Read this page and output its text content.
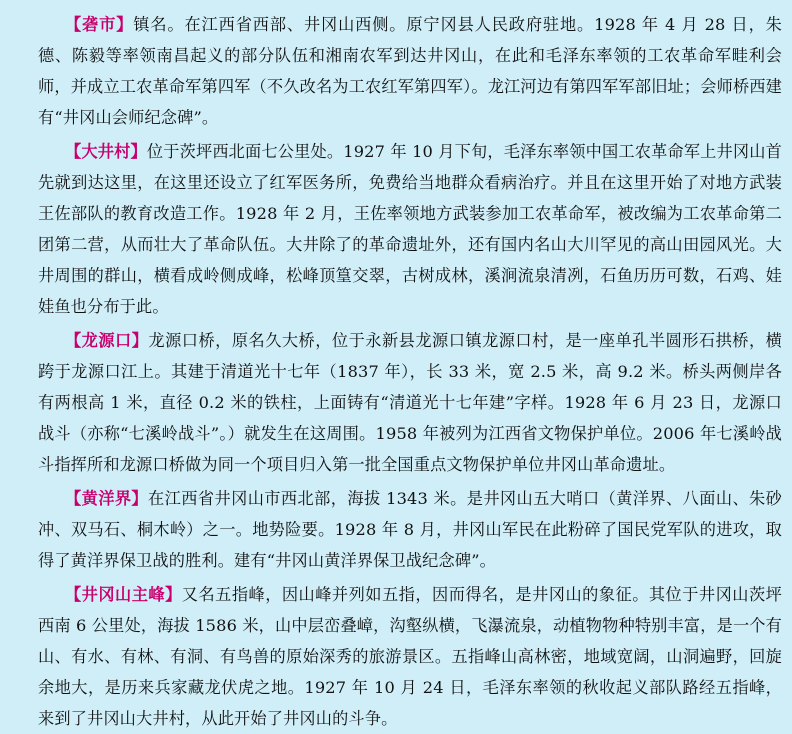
【砻市】镇名。在江西省西部、井冈山西侧。原宁冈县人民政府驻地。1928 年 4 月 28 日，朱德、陈毅等率领南昌起义的部分队伍和湘南农军到达井冈山，在此和毛泽东率领的工农革命军畦利会师，并成立工农革命军第四军（不久改名为工农红军第四军）。龙江河边有第四军军部旧址；会师桥西建有“井冈山会师纪念碑”。

【大井村】位于茨坪西北面七公里处。1927 年 10 月下旬，毛泽东率领中国工农革命军上井冈山首先就到达这里，在这里还设立了红军医务所，免费给当地群众看病治疗。并且在这里开始了对地方武装王佐部队的教育改造工作。1928 年 2 月，王佐率领地方武装参加工农革命军，被改编为工农革命第二团第二营，从而壮大了革命队伍。大井除了的革命遗址外，还有国内名山大川罕见的高山田园风光。大井周围的群山，横看成岭侧成峰，松峰顶篁交翠，古树成林，溪涧流泉清冽，石鱼历历可数，石鸡、娃娃鱼也分布于此。

【龙源口】龙源口桥，原名久大桥，位于永新县龙源口镇龙源口村，是一座单孔半圆形石拱桥，横跨于龙源口江上。其建于清道光十七年（1837 年），长 33 米，宽 2.5 米，高 9.2 米。桥头两侧岸各有两根高 1 米，直径 0.2 米的铁柱，上面铸有“清道光十七年建”字样。1928 年 6 月 23 日，龙源口战斗（亦称“七溪岭战斗”。）就发生在这周围。1958 年被列为江西省文物保护单位。2006 年七溪岭战斗指挥所和龙源口桥做为同一个项目归入第一批全国重点文物保护单位井冈山革命遗址。

【黄洋界】在江西省井冈山市西北部，海拔 1343 米。是井冈山五大哨口（黄洋界、八面山、朱砂冲、双马石、桐木岭）之一。地势险要。1928 年 8 月，井冈山军民在此粉碎了国民党军队的进攻，取得了黄洋界保卫战的胜利。建有“井冈山黄洋界保卫战纪念碑”。

【井冈山主峰】又名五指峰，因山峰并列如五指，因而得名，是井冈山的象征。其位于井冈山茨坪西南 6 公里处，海拔 1586 米，山中层峦叠嶂，沟壑纵横，飞瀑流泉，动植物物种特别丰富，是一个有山、有水、有林、有洞、有鸟兽的原始深秀的旅游景区。五指峰山高林密，地域宽阔，山洞遍野，回旋余地大，是历来兵家藏龙伏虎之地。1927 年 10 月 24 日，毛泽东率领的秋收起义部队路经五指峰，来到了井冈山大井村，从此开始了井冈山的斗争。
